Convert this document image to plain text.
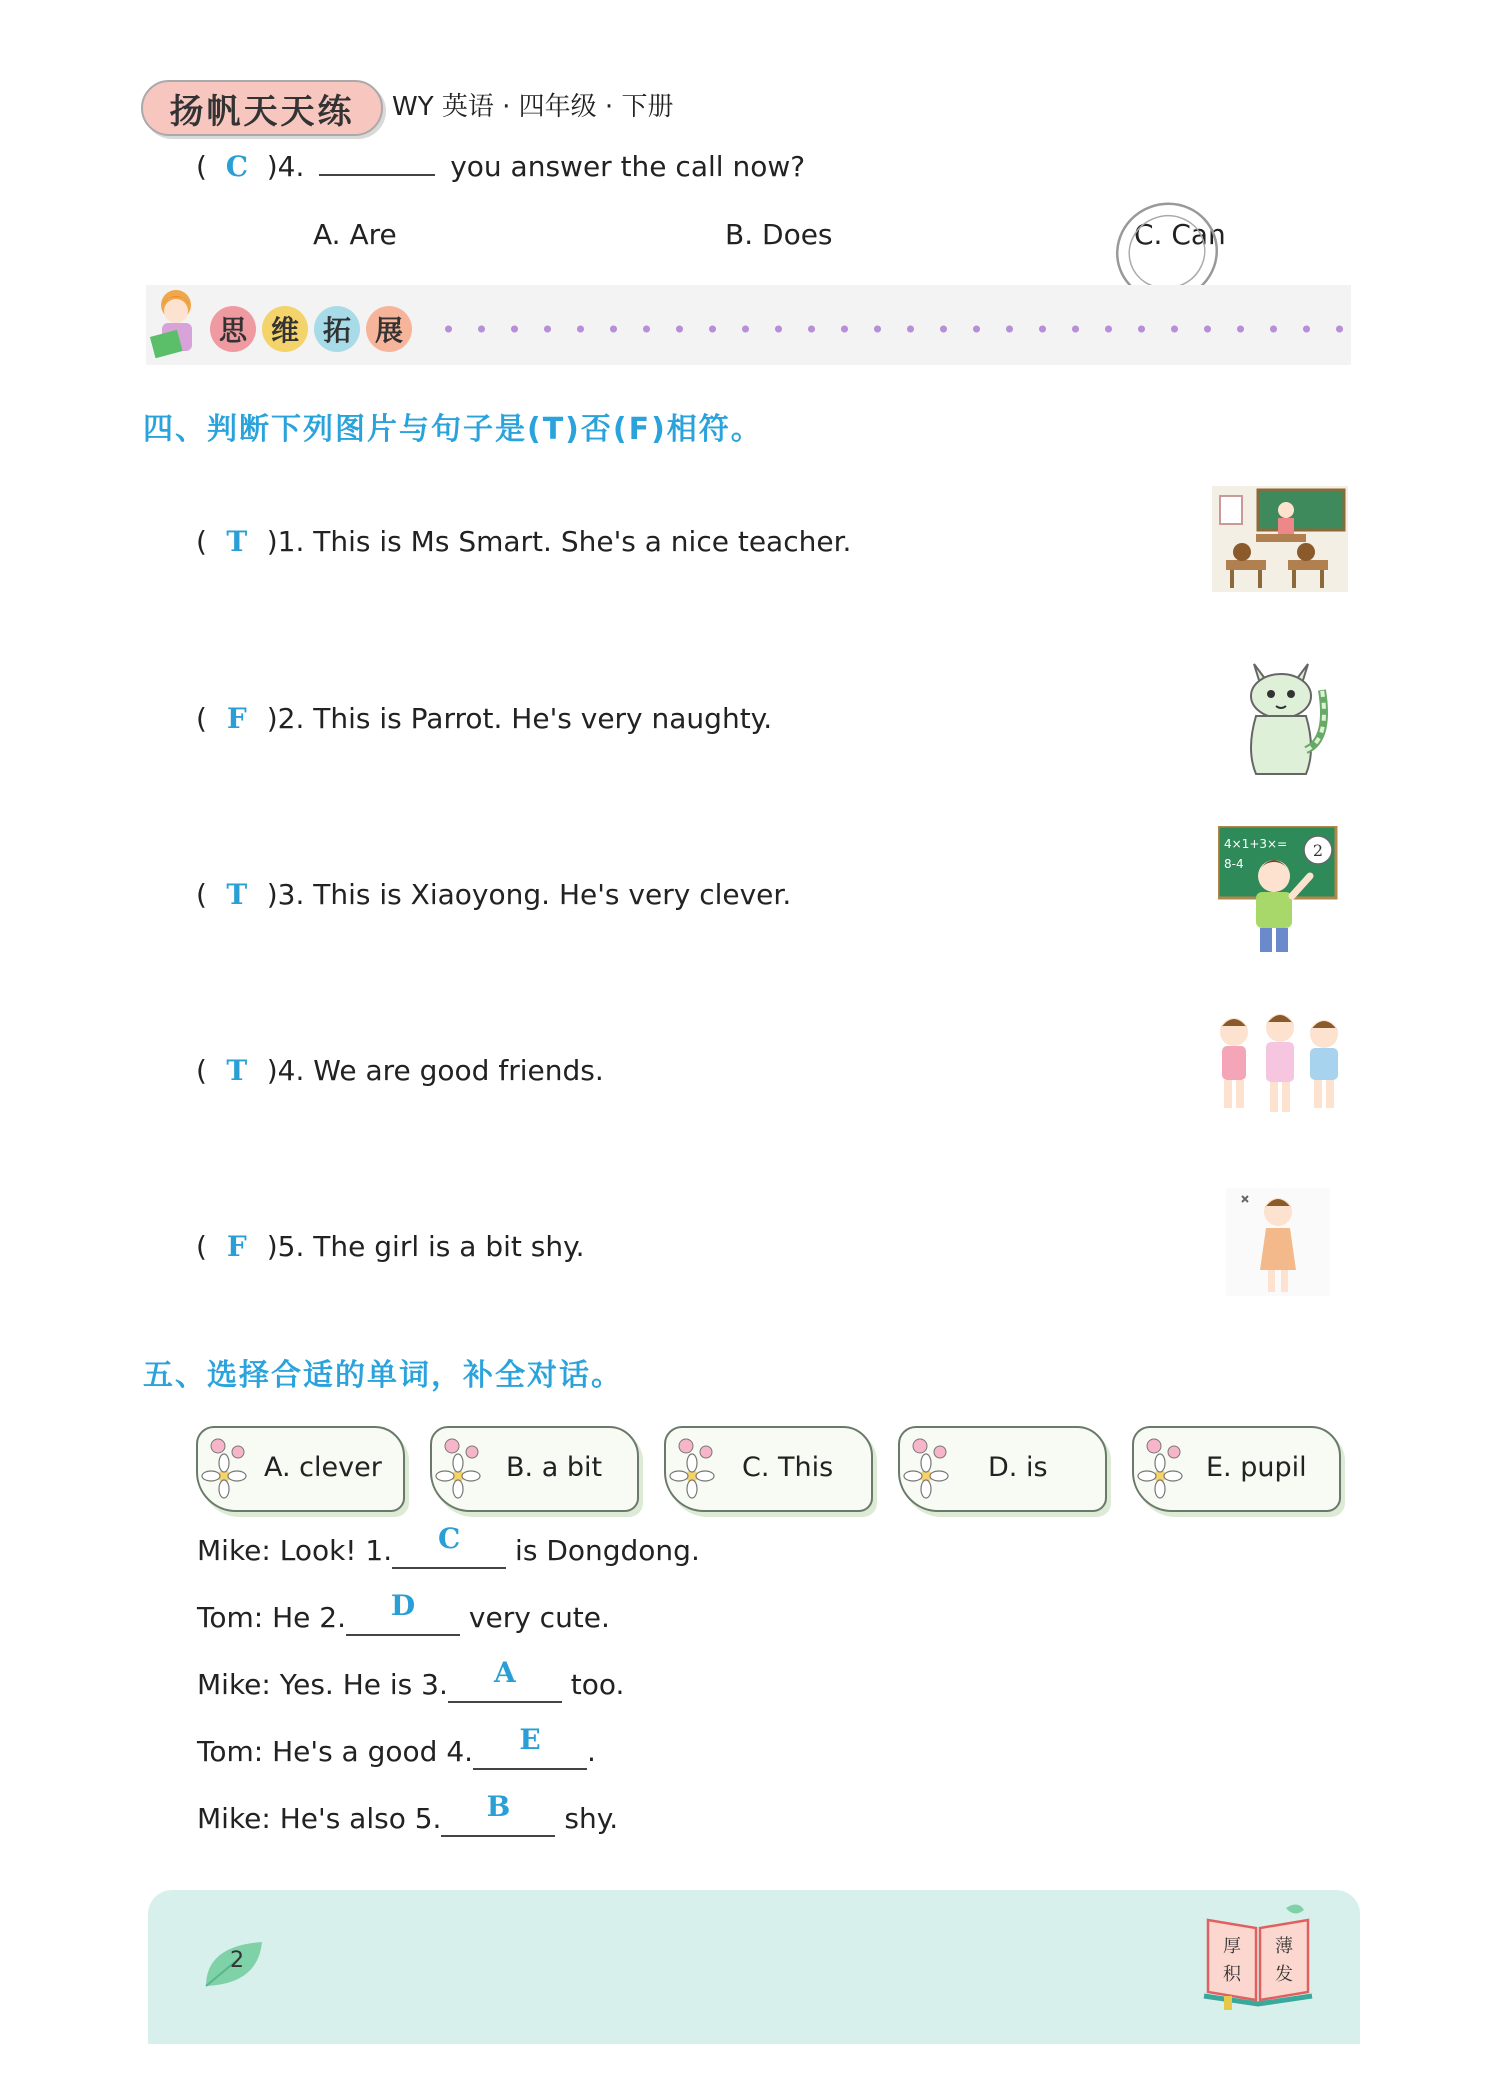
扬帆天天练	WY 英语 · 四年级 · 下册
( C )4.	you answer the call now?
A. Are	B. Does	C. Can
思 维 拓 展
四、判断下列图片与句子是(T)否(F)相符。
( T )1. This is Ms Smart. She's a nice teacher.
( F )2. This is Parrot. He's very naughty.
( T )3. This is Xiaoyong. He's very clever.
( T )4. We are good friends.
( F )5. The girl is a bit shy.
4×1+3×=
8-4
2
五、选择合适的单词，补全对话。
A. clever	B. a bit	C. This	D. is	E. pupil
Mike: Look! 1.	C	is Dongdong.
Tom: He 2.	D	very cute.
Mike: Yes. He is 3.	A	too.
Tom: He's a good 4.	E	.
Mike: He's also 5.	B	shy.
2
厚 薄
积 发
